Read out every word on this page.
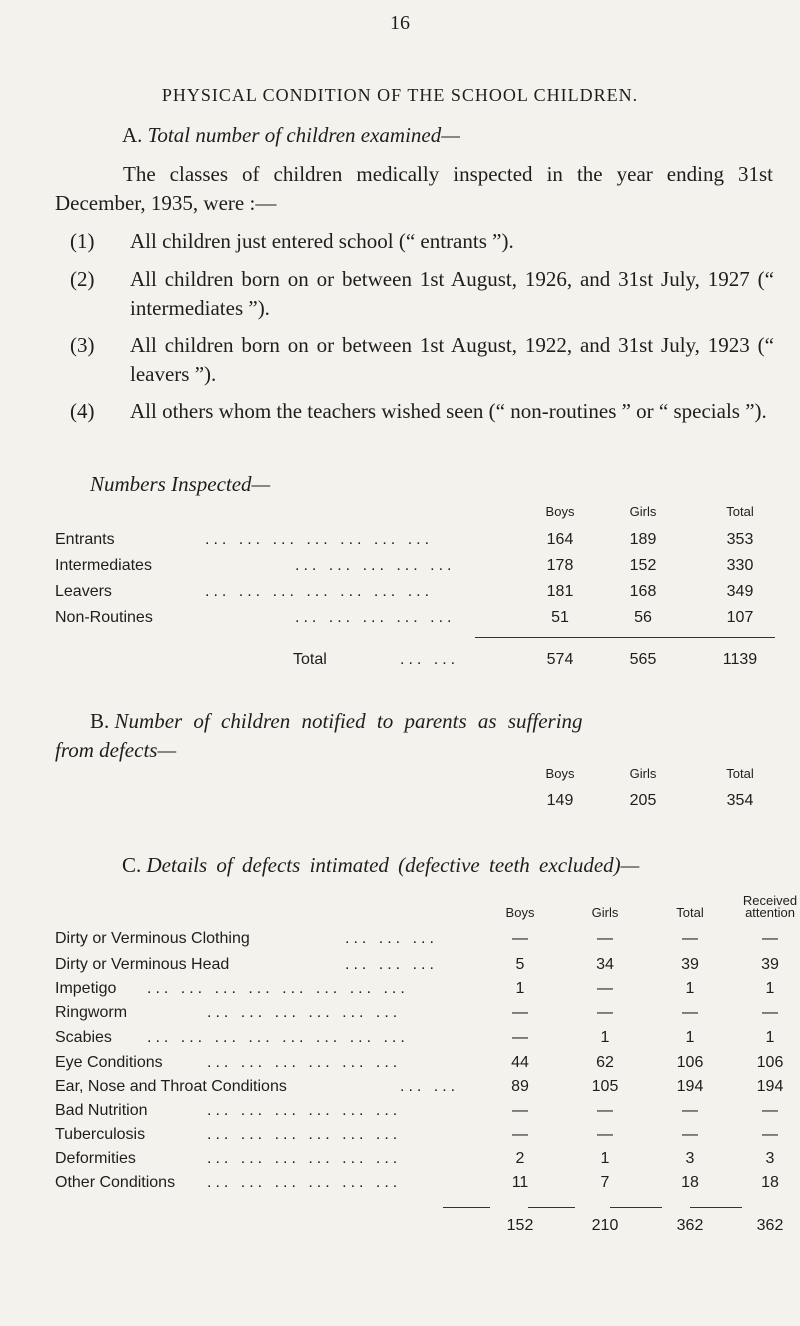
16
PHYSICAL CONDITION OF THE SCHOOL CHILDREN.
A. Total number of children examined—
The classes of children medically inspected in the year ending 31st December, 1935, were :—
(1) All children just entered school (“ entrants ”).
(2) All children born on or between 1st August, 1926, and 31st July, 1927 (“ intermediates ”).
(3) All children born on or between 1st August, 1922, and 31st July, 1923 (“ leavers ”).
(4) All others whom the teachers wished seen (“ non-routines ” or “ specials ”).
Numbers Inspected—
Boys	Girls	Total
Entrants	... ... ... ... ... ... ...	164	189	353
Intermediates	... ... ... ... ...	178	152	330
Leavers	... ... ... ... ... ... ...	181	168	349
Non-Routines	... ... ... ... ...	51	56	107
Total	... ...	574	565	1139
B. Number of children notified to parents as suffering
from defects—
Boys	Girls	Total
149	205	354
C. Details of defects intimated (defective teeth excluded)—
Boys	Girls	Total
Received
attention
Dirty or Verminous Clothing	... ... ...	—	—	—	—
Dirty or Verminous Head	... ... ...	5	34	39	39
Impetigo ... ... ... ... ... ... ... ...	1	—	1	1
Ringworm	... ... ... ... ... ...	—	—	—	—
Scabies ... ... ... ... ... ... ... ...	—	1	1	1
Eye Conditions	... ... ... ... ... ...	44	62	106	106
Ear, Nose and Throat Conditions	... ...	89	105	194	194
Bad Nutrition	... ... ... ... ... ...	—	—	—	—
Tuberculosis	... ... ... ... ... ...	—	—	—	—
Deformities	... ... ... ... ... ...	2	1	3	3
Other Conditions ... ... ... ... ... ...	11	7	18	18
152	210	362	362
